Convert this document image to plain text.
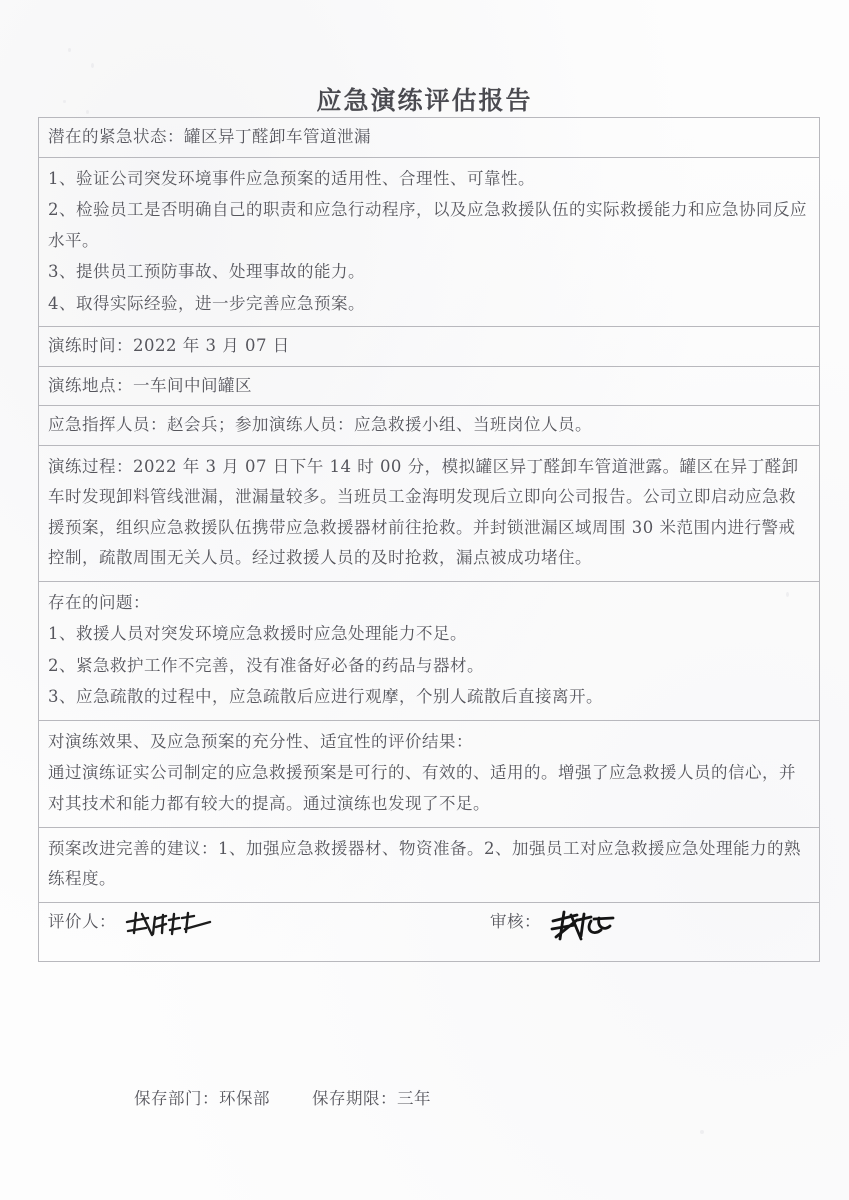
应急演练评估报告

潜在的紧急状态：罐区异丁醛卸车管道泄漏

1、验证公司突发环境事件应急预案的适用性、合理性、可靠性。

2、检验员工是否明确自己的职责和应急行动程序，以及应急救援队伍的实际救援能力和应急协同反应水平。

3、提供员工预防事故、处理事故的能力。

4、取得实际经验，进一步完善应急预案。

演练时间：2022 年 3 月 07 日

演练地点：一车间中间罐区

应急指挥人员：赵会兵；参加演练人员：应急救援小组、当班岗位人员。

演练过程：2022 年 3 月 07 日下午 14 时 00 分，模拟罐区异丁醛卸车管道泄露。罐区在异丁醛卸车时发现卸料管线泄漏，泄漏量较多。当班员工金海明发现后立即向公司报告。公司立即启动应急救援预案，组织应急救援队伍携带应急救援器材前往抢救。并封锁泄漏区域周围 30 米范围内进行警戒控制，疏散周围无关人员。经过救援人员的及时抢救，漏点被成功堵住。

存在的问题：

1、救援人员对突发环境应急救援时应急处理能力不足。

2、紧急救护工作不完善，没有准备好必备的药品与器材。

3、应急疏散的过程中，应急疏散后应进行观摩，个别人疏散后直接离开。

对演练效果、及应急预案的充分性、适宜性的评价结果：

通过演练证实公司制定的应急救援预案是可行的、有效的、适用的。增强了应急救援人员的信心，并对其技术和能力都有较大的提高。通过演练也发现了不足。

预案改进完善的建议：1、加强应急救援器材、物资准备。2、加强员工对应急救援应急处理能力的熟练程度。

评价人：	审核：
保存部门：环保部	保存期限：三年
